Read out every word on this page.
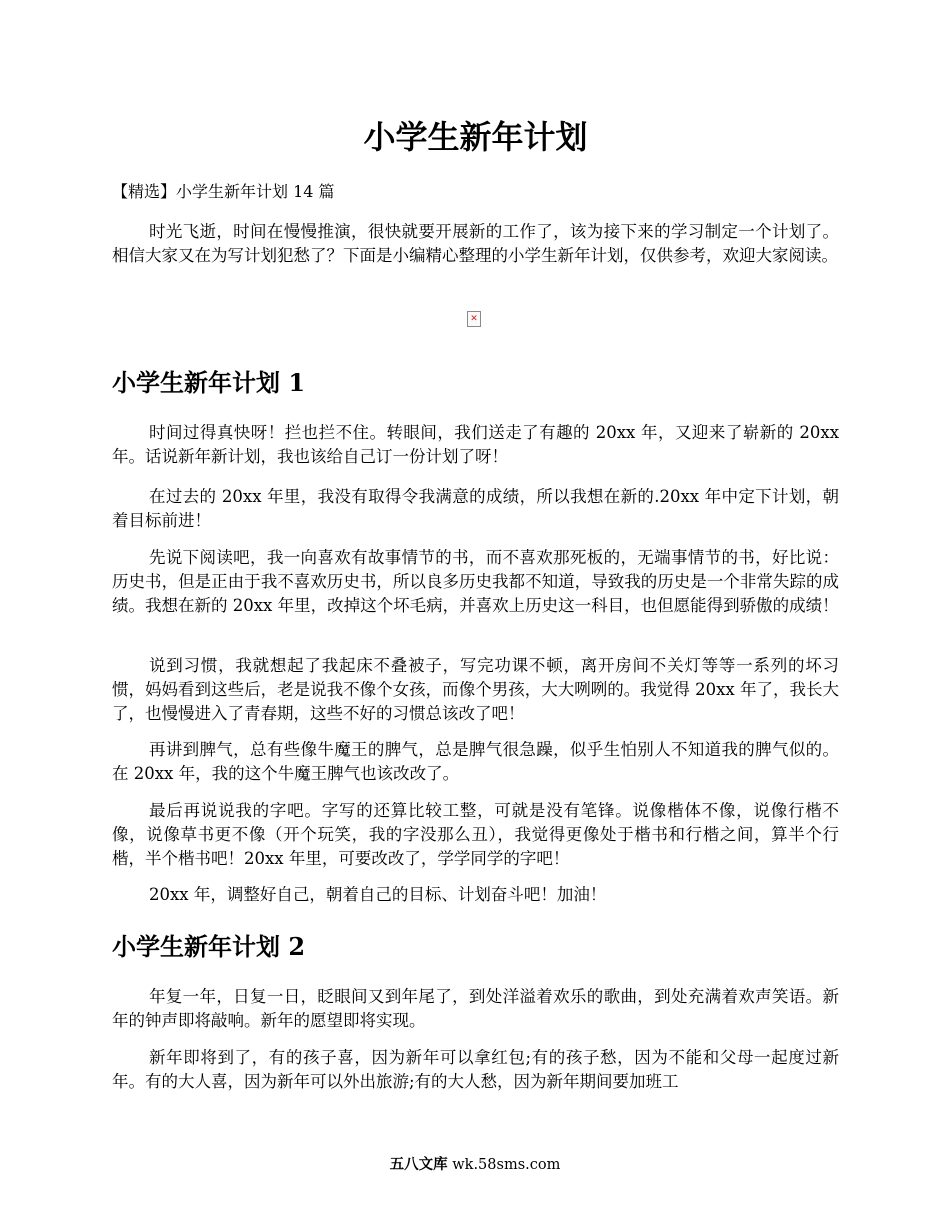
小学生新年计划

【精选】小学生新年计划 14 篇

时光飞逝，时间在慢慢推演，很快就要开展新的工作了，该为接下来的学习制定一个计划了。相信大家又在为写计划犯愁了？下面是小编精心整理的小学生新年计划，仅供参考，欢迎大家阅读。

✕
小学生新年计划 1

时间过得真快呀！拦也拦不住。转眼间，我们送走了有趣的 20xx 年，又迎来了崭新的 20xx 年。话说新年新计划，我也该给自己订一份计划了呀！

在过去的 20xx 年里，我没有取得令我满意的成绩，所以我想在新的.20xx 年中定下计划，朝着目标前进！

先说下阅读吧，我一向喜欢有故事情节的书，而不喜欢那死板的，无端事情节的书，好比说：历史书，但是正由于我不喜欢历史书，所以良多历史我都不知道，导致我的历史是一个非常失踪的成绩。我想在新的 20xx 年里，改掉这个坏毛病，并喜欢上历史这一科目，也但愿能得到骄傲的成绩！

说到习惯，我就想起了我起床不叠被子，写完功课不顿，离开房间不关灯等等一系列的坏习惯，妈妈看到这些后，老是说我不像个女孩，而像个男孩，大大咧咧的。我觉得 20xx 年了，我长大了，也慢慢进入了青春期，这些不好的习惯总该改了吧！

再讲到脾气，总有些像牛魔王的脾气，总是脾气很急躁，似乎生怕别人不知道我的脾气似的。在 20xx 年，我的这个牛魔王脾气也该改改了。

最后再说说我的字吧。字写的还算比较工整，可就是没有笔锋。说像楷体不像，说像行楷不像，说像草书更不像（开个玩笑，我的字没那么丑），我觉得更像处于楷书和行楷之间，算半个行楷，半个楷书吧！20xx 年里，可要改改了，学学同学的字吧！

20xx 年，调整好自己，朝着自己的目标、计划奋斗吧！加油！

小学生新年计划 2

年复一年，日复一日，眨眼间又到年尾了，到处洋溢着欢乐的歌曲，到处充满着欢声笑语。新年的钟声即将敲响。新年的愿望即将实现。

新年即将到了，有的孩子喜，因为新年可以拿红包;有的孩子愁，因为不能和父母一起度过新年。有的大人喜，因为新年可以外出旅游;有的大人愁，因为新年期间要加班工

五八文库 wk.58sms.com
